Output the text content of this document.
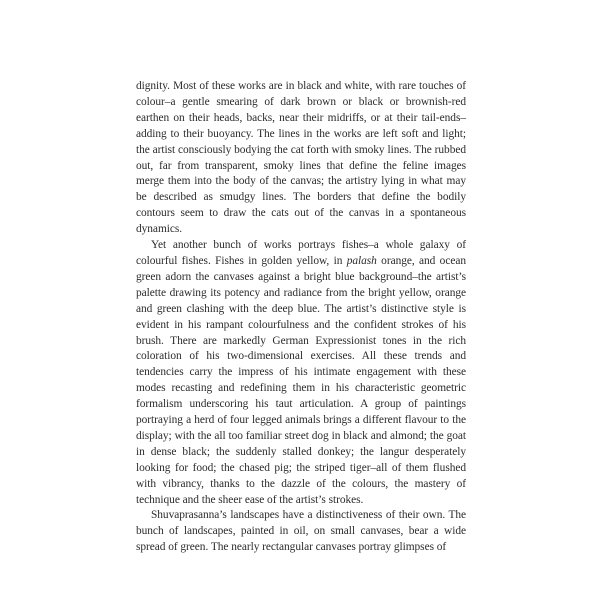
dignity. Most of these works are in black and white, with rare touches of colour–a gentle smearing of dark brown or black or brownish-red earthen on their heads, backs, near their midriffs, or at their tail-ends–adding to their buoyancy. The lines in the works are left soft and light; the artist consciously bodying the cat forth with smoky lines. The rubbed out, far from transparent, smoky lines that define the feline images merge them into the body of the canvas; the artistry lying in what may be described as smudgy lines. The borders that define the bodily contours seem to draw the cats out of the canvas in a spontaneous dynamics.

Yet another bunch of works portrays fishes–a whole galaxy of colourful fishes. Fishes in golden yellow, in palash orange, and ocean green adorn the canvases against a bright blue background–the artist’s palette drawing its potency and radiance from the bright yellow, orange and green clashing with the deep blue. The artist’s distinctive style is evident in his rampant colourfulness and the confident strokes of his brush. There are markedly German Expressionist tones in the rich coloration of his two-dimensional exercises. All these trends and tendencies carry the impress of his intimate engagement with these modes recasting and redefining them in his characteristic geometric formalism underscoring his taut articulation. A group of paintings portraying a herd of four legged animals brings a different flavour to the display; with the all too familiar street dog in black and almond; the goat in dense black; the suddenly stalled donkey; the langur desperately looking for food; the chased pig; the striped tiger–all of them flushed with vibrancy, thanks to the dazzle of the colours, the mastery of technique and the sheer ease of the artist’s strokes.

Shuvaprasanna’s landscapes have a distinctiveness of their own. The bunch of landscapes, painted in oil, on small canvases, bear a wide spread of green. The nearly rectangular canvases portray glimpses of
